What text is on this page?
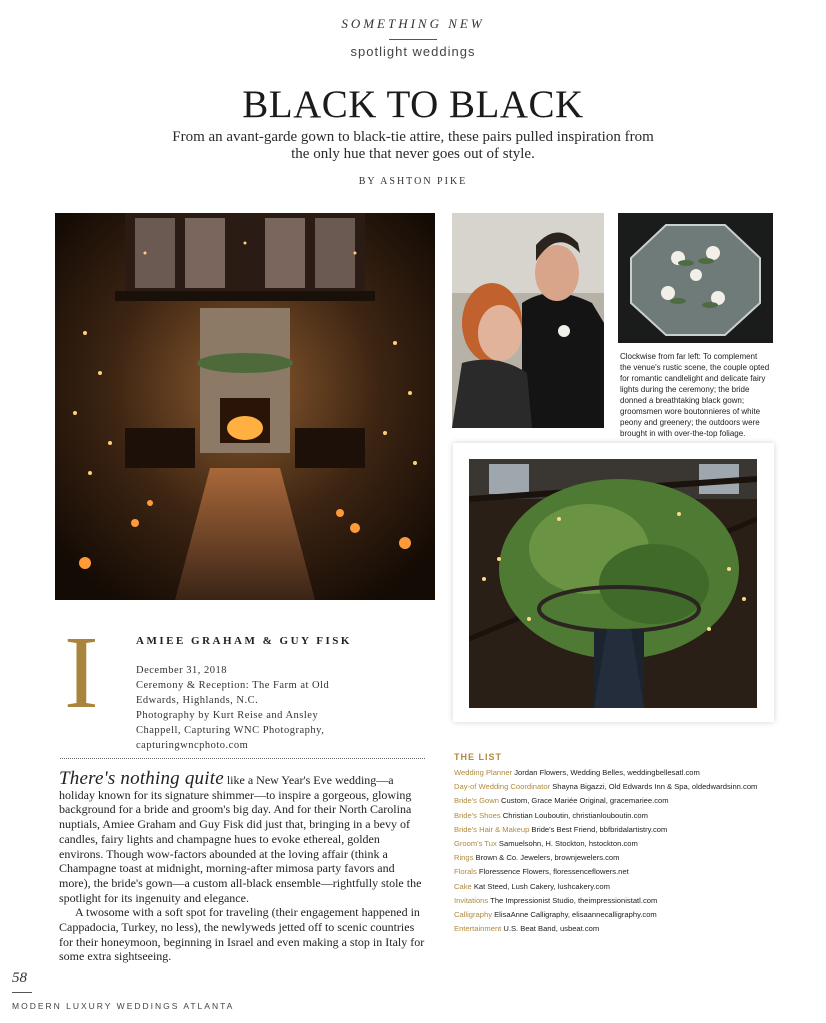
SOMETHING NEW
spotlight weddings
BLACK TO BLACK
From an avant-garde gown to black-tie attire, these pairs pulled inspiration from the only hue that never goes out of style.
BY ASHTON PIKE
Clockwise from far left: To complement the venue's rustic scene, the couple opted for romantic candlelight and delicate fairy lights during the ceremony; the bride donned a breathtaking black gown; groomsmen wore boutonnieres of white peony and greenery; the outdoors were brought in with over-the-top foliage.
I	AMIEE GRAHAM & GUY FISK
December 31, 2018
Ceremony & Reception: The Farm at Old
Edwards, Highlands, N.C.
Photography by Kurt Reise and Ansley
Chappell, Capturing WNC Photography,
capturingwncphoto.com

There's nothing quite like a New Year's Eve wedding—a holiday known for its signature shimmer—to inspire a gorgeous, glowing background for a bride and groom's big day. And for their North Carolina nuptials, Amiee Graham and Guy Fisk did just that, bringing in a bevy of candles, fairy lights and champagne hues to evoke ethereal, golden environs. Though wow-factors abounded at the loving affair (think a Champagne toast at midnight, morning-after mimosa party favors and more), the bride's gown—a custom all-black ensemble—rightfully stole the spotlight for its ingenuity and elegance.

A twosome with a soft spot for traveling (their engagement happened in Cappadocia, Turkey, no less), the newlyweds jetted off to scenic countries for their honeymoon, beginning in Israel and even making a stop in Italy for some extra sightseeing.

THE LIST
Wedding Planner Jordan Flowers, Wedding Belles, weddingbellesatl.com
Day-of Wedding Coordinator Shayna Bigazzi, Old Edwards Inn & Spa, oldedwardsinn.com
Bride's Gown Custom, Grace Mariée Original, gracemariee.com
Bride's Shoes Christian Louboutin, christianlouboutin.com
Bride's Hair & Makeup Bride's Best Friend, bbfbridalartistry.com
Groom's Tux Samuelsohn, H. Stockton, hstockton.com
Rings Brown & Co. Jewelers, brownjewelers.com
Florals Floressence Flowers, floressenceflowers.net
Cake Kat Steed, Lush Cakery, lushcakery.com
Invitations The Impressionist Studio, theimpressionistatl.com
Calligraphy ElisaAnne Calligraphy, elisaannecalligraphy.com
Entertainment U.S. Beat Band, usbeat.com
58
MODERN LUXURY WEDDINGS ATLANTA
